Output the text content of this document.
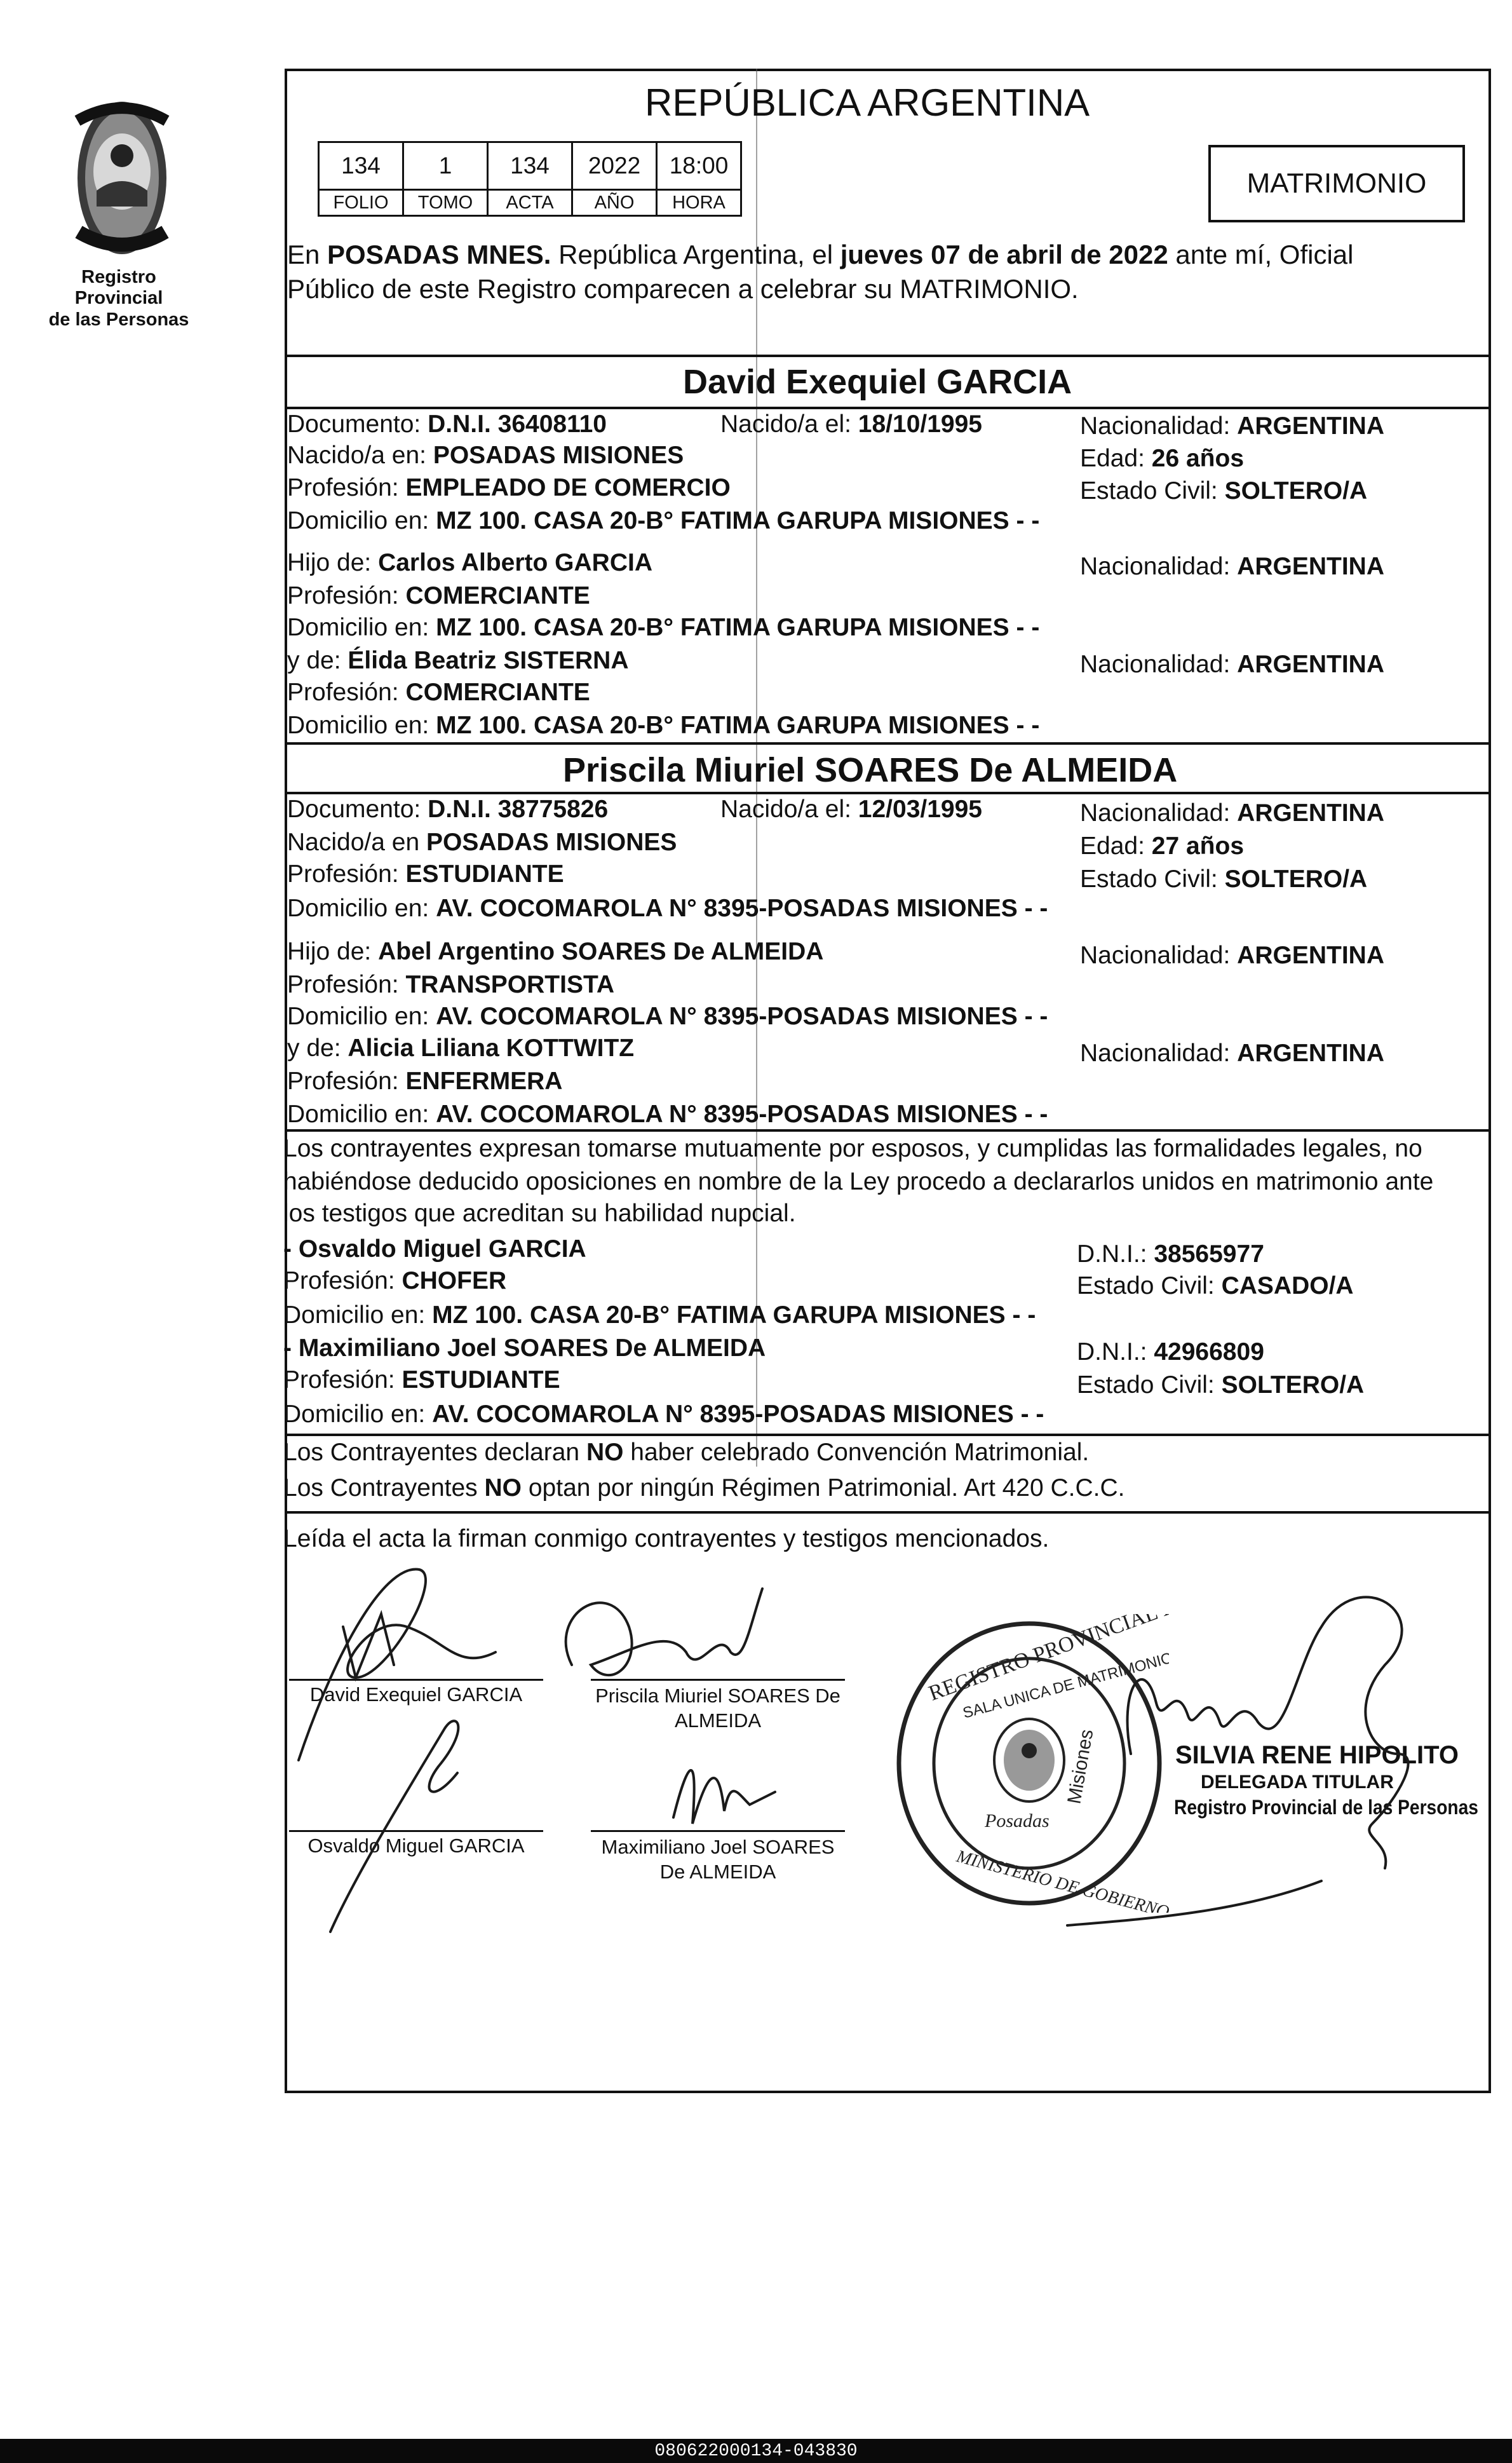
Registro Provincial
de las Personas
REPÚBLICA ARGENTINA
134	1	134	2022	18:00
FOLIO	TOMO	ACTA	AÑO	HORA
MATRIMONIO
En POSADAS MNES. República Argentina, el jueves 07 de abril de 2022 ante mí, Oficial
Público de este Registro comparecen a celebrar su MATRIMONIO.
David Exequiel GARCIA
Documento: D.N.I. 36408110	Nacido/a el: 18/10/1995	Nacionalidad: ARGENTINA
Nacido/a en: POSADAS MISIONES	Edad: 26 años
Profesión: EMPLEADO DE COMERCIO	Estado Civil: SOLTERO/A
Domicilio en: MZ 100. CASA 20-B° FATIMA GARUPA MISIONES - -
Hijo de: Carlos Alberto GARCIA	Nacionalidad: ARGENTINA
Profesión: COMERCIANTE
Domicilio en: MZ 100. CASA 20-B° FATIMA GARUPA MISIONES - -
y de: Élida Beatriz SISTERNA	Nacionalidad: ARGENTINA
Profesión: COMERCIANTE
Domicilio en: MZ 100. CASA 20-B° FATIMA GARUPA MISIONES - -
Priscila Miuriel SOARES De ALMEIDA
Documento: D.N.I. 38775826	Nacido/a el: 12/03/1995	Nacionalidad: ARGENTINA
Nacido/a en POSADAS MISIONES	Edad: 27 años
Profesión: ESTUDIANTE	Estado Civil: SOLTERO/A
Domicilio en: AV. COCOMAROLA N° 8395-POSADAS MISIONES - -
Hijo de: Abel Argentino SOARES De ALMEIDA	Nacionalidad: ARGENTINA
Profesión: TRANSPORTISTA
Domicilio en: AV. COCOMAROLA N° 8395-POSADAS MISIONES - -
y de: Alicia Liliana KOTTWITZ	Nacionalidad: ARGENTINA
Profesión: ENFERMERA
Domicilio en: AV. COCOMAROLA N° 8395-POSADAS MISIONES - -
Los contrayentes expresan tomarse mutuamente por esposos, y cumplidas las formalidades legales, no
habiéndose deducido oposiciones en nombre de la Ley procedo a declararlos unidos en matrimonio ante
los testigos que acreditan su habilidad nupcial.
- Osvaldo Miguel GARCIA	D.N.I.: 38565977
Profesión: CHOFER	Estado Civil: CASADO/A
Domicilio en: MZ 100. CASA 20-B° FATIMA GARUPA MISIONES - -
- Maximiliano Joel SOARES De ALMEIDA	D.N.I.: 42966809
Profesión: ESTUDIANTE	Estado Civil: SOLTERO/A
Domicilio en: AV. COCOMAROLA N° 8395-POSADAS MISIONES - -
Los Contrayentes declaran NO haber celebrado Convención Matrimonial.
Los Contrayentes NO optan por ningún Régimen Patrimonial. Art 420 C.C.C.
Leída el acta la firman conmigo contrayentes y testigos mencionados.
David Exequiel GARCIA	Priscila Miuriel SOARES De
ALMEIDA
Osvaldo Miguel GARCIA	Maximiliano Joel SOARES
De ALMEIDA
SILVIA RENE HIPOLITO
DELEGADA TITULAR
Registro Provincial de las Personas
Posadas
Misiones
REGISTRO PROVINCIAL
SALA UNICA DE MATRIMONIOS
MINISTERIO DE GOBIERNO
080622000134-043830
